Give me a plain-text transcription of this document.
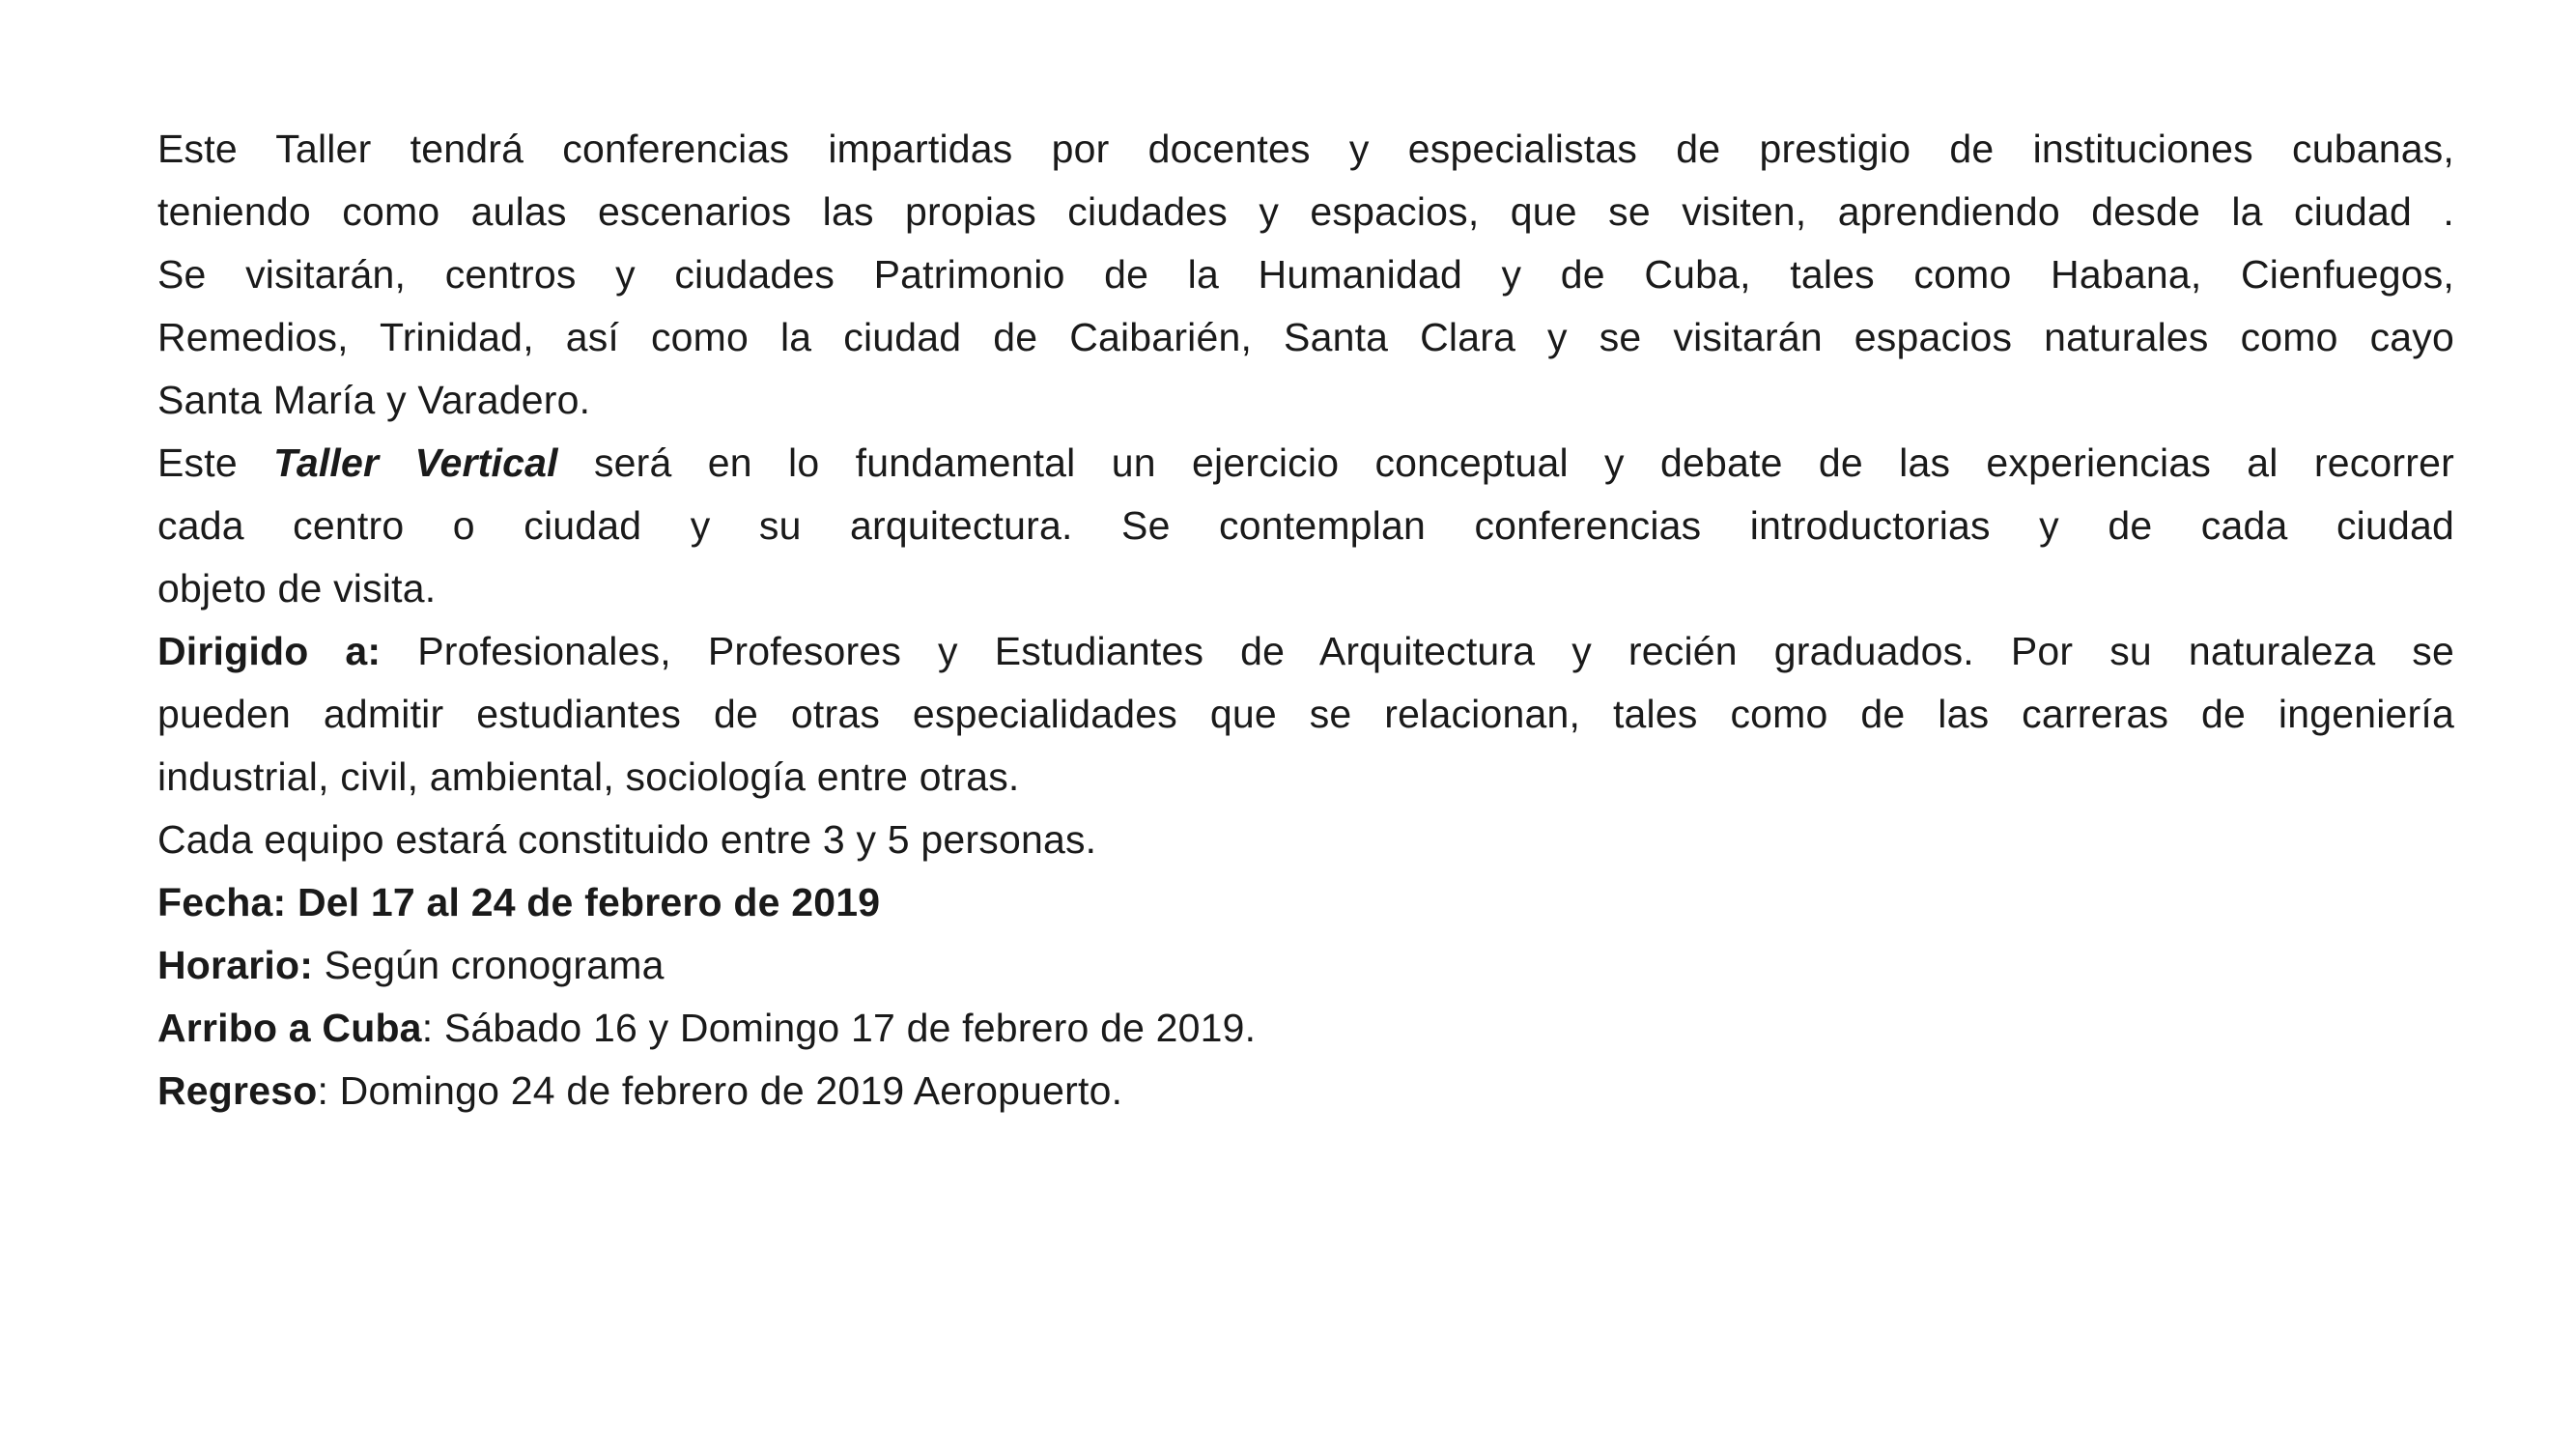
Este Taller tendrá conferencias impartidas por docentes y especialistas de prestigio de instituciones cubanas,
teniendo como aulas escenarios las propias ciudades y espacios, que se visiten, aprendiendo desde la ciudad .
Se visitarán, centros y ciudades Patrimonio de la Humanidad y de Cuba, tales como Habana, Cienfuegos,
Remedios, Trinidad, así como la ciudad de Caibarién, Santa Clara y se visitarán espacios naturales como cayo
Santa María y Varadero.
Este Taller Vertical será en lo fundamental un ejercicio conceptual y debate de las experiencias al recorrer
cada centro o ciudad y su arquitectura. Se contemplan conferencias introductorias y de cada ciudad
objeto de visita.
Dirigido a: Profesionales, Profesores y Estudiantes de Arquitectura y recién graduados. Por su naturaleza se
pueden admitir estudiantes de otras especialidades que se relacionan, tales como de las carreras de ingeniería
industrial, civil, ambiental, sociología entre otras.
Cada equipo estará constituido entre 3 y 5 personas.
Fecha: Del 17 al 24 de febrero de 2019
Horario: Según cronograma
Arribo a Cuba: Sábado 16 y Domingo 17 de febrero de 2019.
Regreso: Domingo 24 de febrero de 2019 Aeropuerto.
